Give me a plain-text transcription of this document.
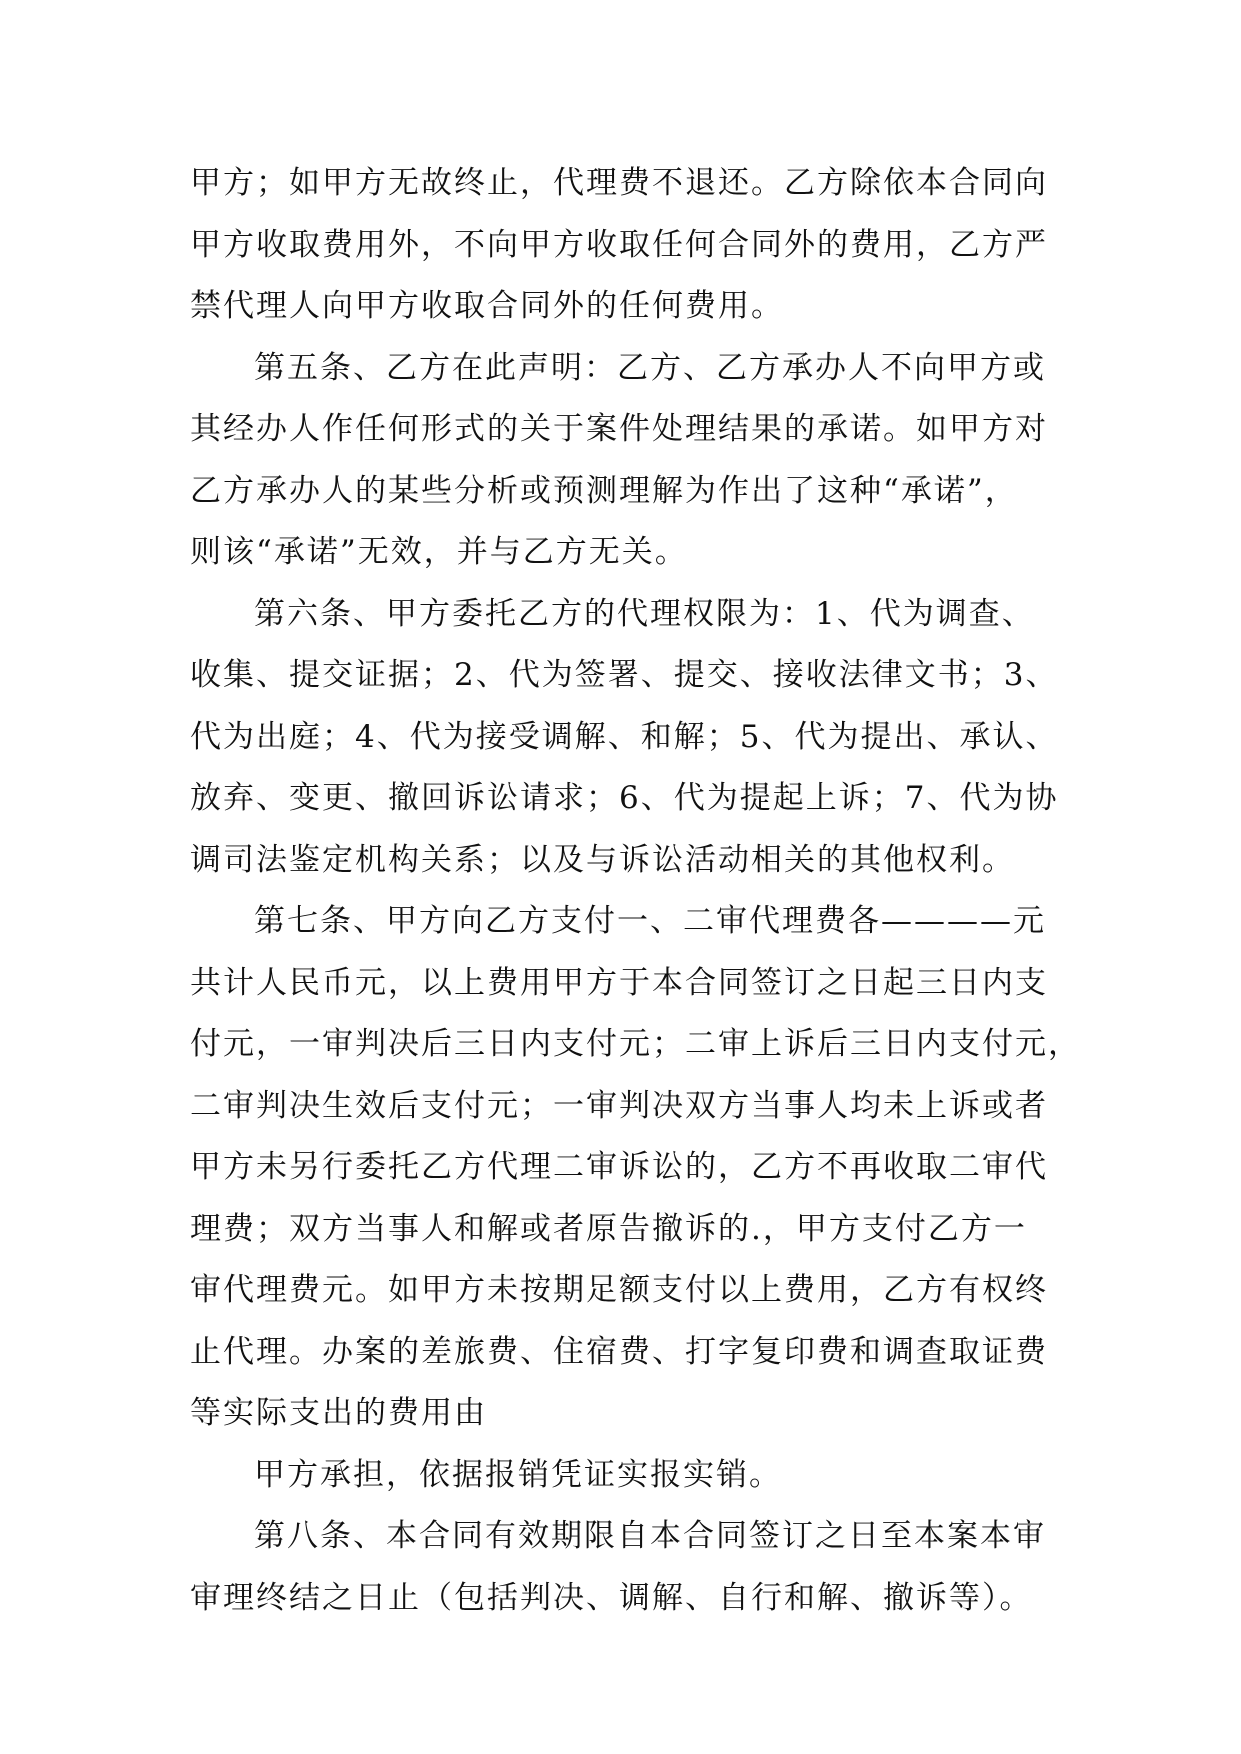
甲方；如甲方无故终止，代理费不退还。乙方除依本合同向
甲方收取费用外，不向甲方收取任何合同外的费用，乙方严
禁代理人向甲方收取合同外的任何费用。
第五条、乙方在此声明：乙方、乙方承办人不向甲方或
其经办人作任何形式的关于案件处理结果的承诺。如甲方对
乙方承办人的某些分析或预测理解为作出了这种“承诺”，
则该“承诺”无效，并与乙方无关。
第六条、甲方委托乙方的代理权限为：1、代为调查、
收集、提交证据；2、代为签署、提交、接收法律文书；3、
代为出庭；4、代为接受调解、和解；5、代为提出、承认、
放弃、变更、撤回诉讼请求；6、代为提起上诉；7、代为协
调司法鉴定机构关系；以及与诉讼活动相关的其他权利。
第七条、甲方向乙方支付一、二审代理费各————元
共计人民币元，以上费用甲方于本合同签订之日起三日内支
付元，一审判决后三日内支付元；二审上诉后三日内支付元，
二审判决生效后支付元；一审判决双方当事人均未上诉或者
甲方未另行委托乙方代理二审诉讼的，乙方不再收取二审代
理费；双方当事人和解或者原告撤诉的.，甲方支付乙方一
审代理费元。如甲方未按期足额支付以上费用，乙方有权终
止代理。办案的差旅费、住宿费、打字复印费和调查取证费
等实际支出的费用由
甲方承担，依据报销凭证实报实销。
第八条、本合同有效期限自本合同签订之日至本案本审
审理终结之日止（包括判决、调解、自行和解、撤诉等）。
